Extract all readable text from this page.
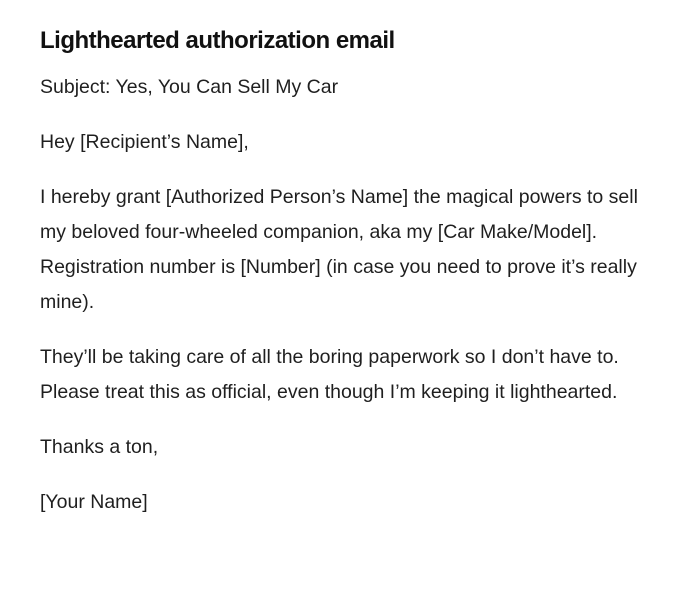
Lighthearted authorization email

Subject: Yes, You Can Sell My Car

Hey [Recipient’s Name],

I hereby grant [Authorized Person’s Name] the magical powers to sell my beloved four-wheeled companion, aka my [Car Make/Model]. Registration number is [Number] (in case you need to prove it’s really mine).

They’ll be taking care of all the boring paperwork so I don’t have to. Please treat this as official, even though I’m keeping it lighthearted.

Thanks a ton,

[Your Name]
